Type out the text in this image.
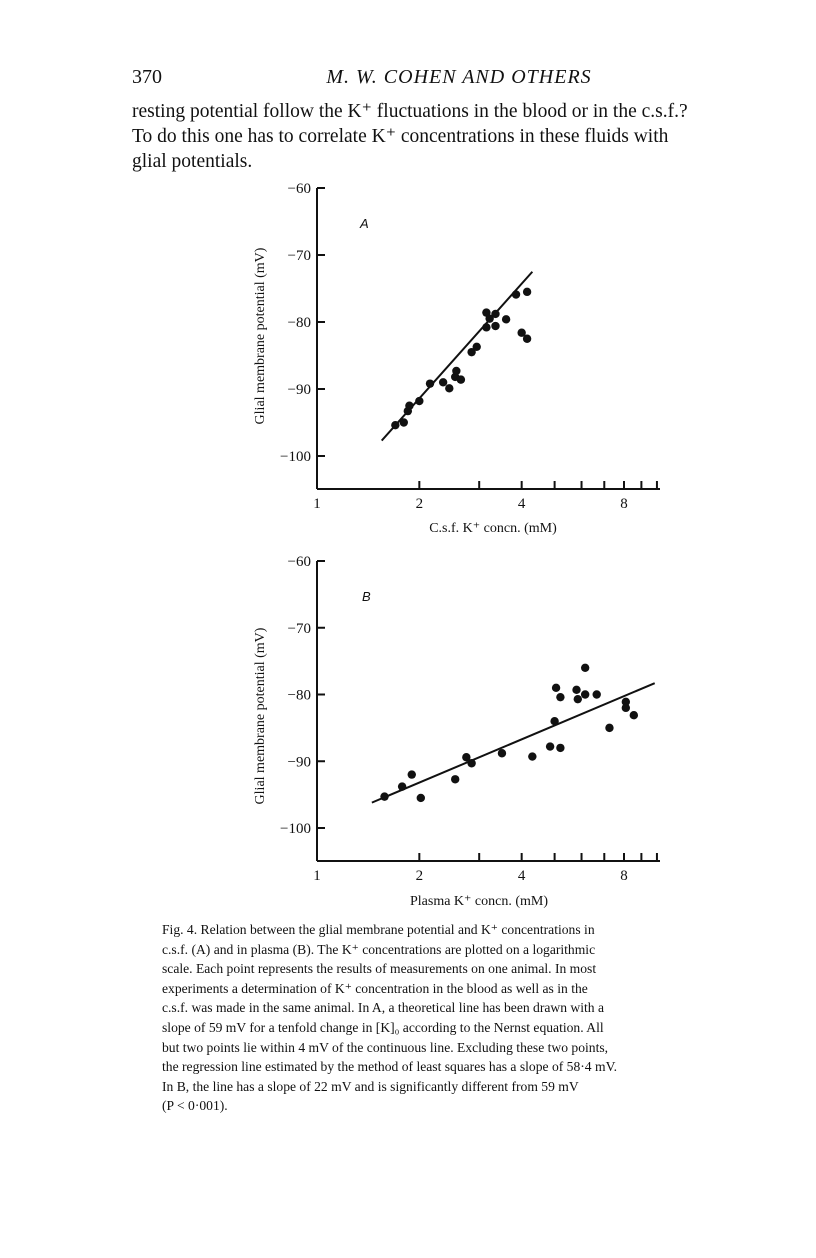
370	M. W. COHEN AND OTHERS
resting potential follow the K⁺ fluctuations in the blood or in the c.s.f.?
To do this one has to correlate K⁺ concentrations in these fluids with
glial potentials.
−60
−70
−80
−90
−100
1	2	4	8
A
C.s.f. K⁺ concn. (mM)
Glial membrane potential (mV)
−60
−70
−80
−90
−100
1	2	4	8
B
Plasma K⁺ concn. (mM)
Glial membrane potential (mV)
Fig. 4. Relation between the glial membrane potential and K⁺ concentrations in
c.s.f. (A) and in plasma (B). The K⁺ concentrations are plotted on a logarithmic
scale. Each point represents the results of measurements on one animal. In most
experiments a determination of K⁺ concentration in the blood as well as in the
c.s.f. was made in the same animal. In A, a theoretical line has been drawn with a
slope of 59 mV for a tenfold change in [K]₀ according to the Nernst equation. All
but two points lie within 4 mV of the continuous line. Excluding these two points,
the regression line estimated by the method of least squares has a slope of 58·4 mV.
In B, the line has a slope of 22 mV and is significantly different from 59 mV
(P < 0·001).
